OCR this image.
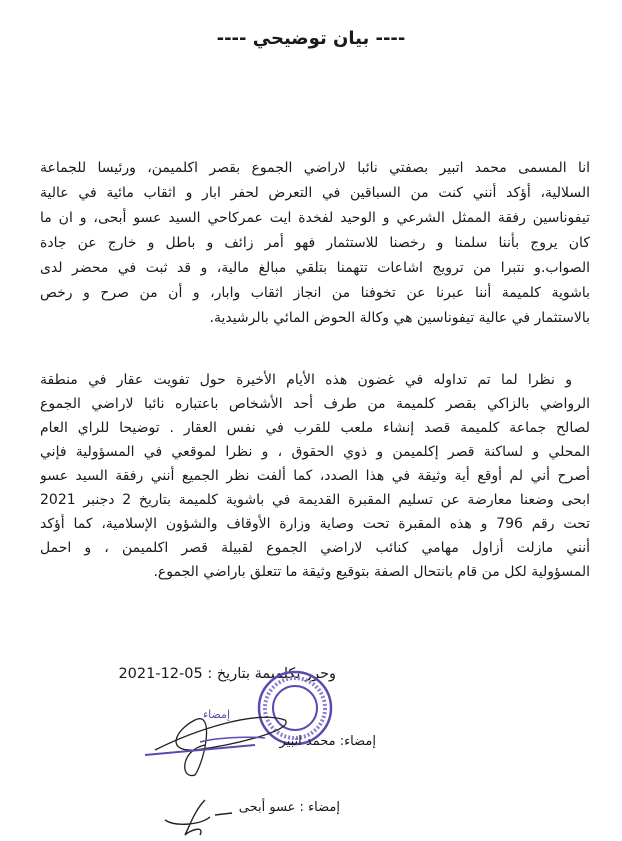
---- بيان توضيحي ----
انا المسمى محمد اتبير بصفتي نائبا لاراضي الجموع بقصر اكلميمن، ورئيسا للجماعة
السلالية، أؤكد أنني كنت من السباقين في التعرض لحفر ابار و اثقاب مائية في عالية
تيفوناسين رفقة الممثل الشرعي و الوحيد لفخدة ايت عمركاحي السيد عسو أبحى، و ان ما
كان يروج بأننا سلمنا و رخصنا للاستثمار فهو أمر زائف و باطل و خارج عن جادة
الصواب.و نتبرا من ترويج اشاعات تتهمنا بتلقي مبالغ مالية، و قد ثبت في محضر لدى
باشوية كلميمة أننا عبرنا عن تخوفنا من انجاز اثقاب وابار، و أن من صرح و رخص
بالاستثمار في عالية تيفوناسين هي وكالة الحوض المائي بالرشيدية.
و نظرا لما تم تداوله في غضون هذه الأيام الأخيرة حول تفويت عقار في منطقة
الرواضي بالزاكي بقصر كلميمة من طرف أحد الأشخاص باعتباره نائبا لاراضي الجموع
لصالح جماعة كلميمة قصد إنشاء ملعب للقرب في نفس العقار . توضيحا للراي العام
المحلي و لساكنة قصر إكلميمن و ذوي الحقوق ، و نظرا لموقعي في المسؤولية فإني
أصرح أني لم أوقع أية وثيقة في هذا الصدد، كما ألفت نظر الجميع أنني رفقة السيد عسو
ابحى وضعنا معارضة عن تسليم المقبرة القديمة في باشوية كلميمة بتاريخ 2 دجنبر 2021
تحت رقم 796 و هذه المقبرة تحت وصاية وزارة الأوقاف والشؤون الإسلامية، كما أؤكد
أنني مازلت أزاول مهامي كنائب لاراضي الجموع لقبيلة قصر اكلميمن ، و احمل
المسؤولية لكل من قام بانتحال الصفة بتوقيع وثيقة ما تتعلق باراضي الجموع.
وحرر بكلميمة بتاريخ : 05-12-2021
إمضاء
إمضاء: محمد اتبير
إمضاء : عسو أبحى
